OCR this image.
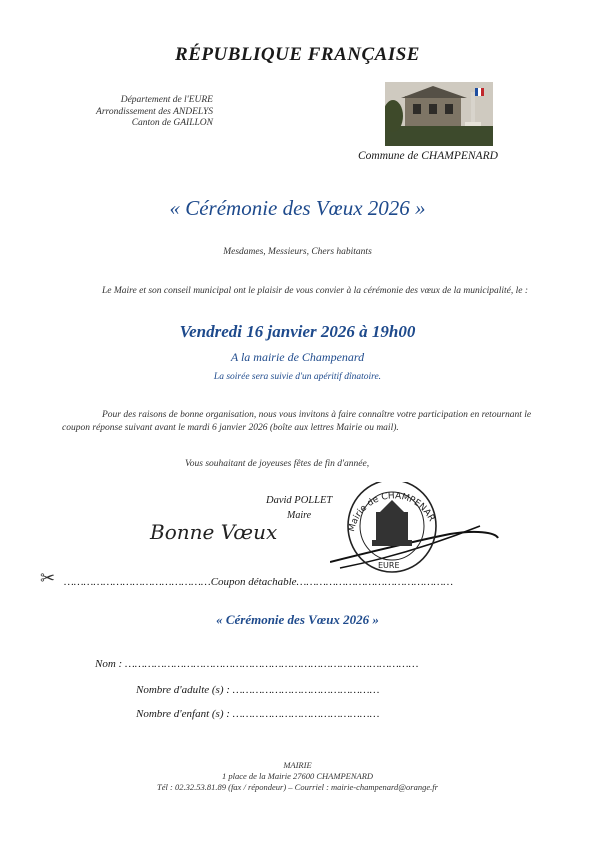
RÉPUBLIQUE FRANÇAISE
Département de l'EURE
Arrondissement des ANDELYS
Canton de GAILLON
Commune de CHAMPENARD
« Cérémonie des Vœux 2026 »
Mesdames, Messieurs, Chers habitants
Le Maire et son conseil municipal ont le plaisir de vous convier à la cérémonie des vœux de la municipalité, le :
Vendredi 16 janvier 2026 à 19h00
A la mairie de Champenard
La soirée sera suivie d'un apéritif dînatoire.
Pour des raisons de bonne organisation, nous vous invitons à faire connaître votre participation en retournant le coupon réponse suivant avant le mardi 6 janvier 2026 (boîte aux lettres Mairie ou mail).
Vous souhaitant de joyeuses fêtes de fin d'année,
David POLLET
Maire
Bonne Vœux	Mairie de CHAMPENAR
EURE
✂ ………………………………………Coupon détachable…………………………………………
« Cérémonie des Vœux 2026 »
Nom : ………………………………………………………………………………
Nombre d'adulte (s) : ………………………………………
Nombre d'enfant (s) : ………………………………………
MAIRIE
1 place de la Mairie 27600 CHAMPENARD
Tél : 02.32.53.81.89 (fax / répondeur) – Courriel : mairie-champenard@orange.fr
